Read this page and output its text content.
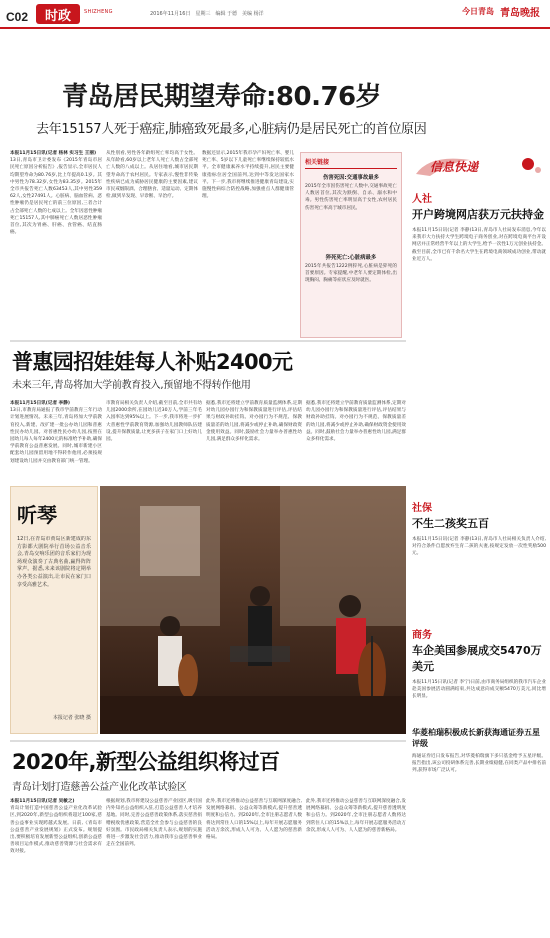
C02	时政	SHIZHENG	2016年11月16日　星期三　编辑 于德　美编 杨洋	今日青岛 青岛晚报
青岛居民期望寿命:80.76岁
去年15157人死于癌症,肺癌致死最多,心脏病仍是居民死亡的首位原因
本报11月15日讯(记者 杨林 实习生 王丽)
13日,青岛市卫计委发布《2015年青岛市居民死亡原因分析报告》,报告显示,全市居民人均期望寿命为80.76岁,比上年提高0.1岁。其中男性为78.32岁,女性为83.35岁。2015年全市共报告死亡人数63453人,其中男性35962人,女性27491人。心脏病、脑血管病、恶性肿瘤仍是居民死亡的前三位原因,三者合计占全部死亡人数的七成以上。全年因恶性肿瘤死亡15157人,其中肺癌死亡人数居恶性肿瘤首位,其次为胃癌、肝癌、食管癌、结直肠癌。
从性别看,男性各年龄组死亡率均高于女性。从年龄看,60岁以上老年人死亡人数占全部死亡人数的八成以上。从居住地看,城市居民期望寿命高于农村居民。专家表示,慢性非传染性疾病已成为威胁居民健康的主要因素,建议市民戒烟限酒、合理膳食、适量运动、定期体检,做到早发现、早诊断、早治疗。
数据还显示,2015年我市孕产妇死亡率、婴儿死亡率、5岁以下儿童死亡率继续保持较低水平。全市健康素养水平持续提升,居民主要健康指标位居全国前列,达到中等发达国家水平。下一步,我市将继续推进健康青岛建设,实施慢性病综合防控战略,加强重点人群健康管理。
相关链接
伤害死因:交通事故最多
2015年全市因伤害死亡人数中,交通事故死亡人数居首位,其次为跌倒、自杀、溺水和中毒。男性伤害死亡率明显高于女性,农村居民伤害死亡率高于城市居民。
猝死死亡:心脏病最多
2015年共报告1222例猝死,心脏病是猝死的首要原因。专家提醒,中老年人要定期体检,出现胸闷、胸痛等症状应及时就医。
信息快递
人社
开户跨境网店获万元扶持金
本报11月15日讯(记者 李静)13日,青岛市人社局发布消息,今年以来我市大力扶持大学生跨境电子商务创业,对在跨境电商平台开设网店并正常经营半年以上的大学生,给予一次性1万元创业扶持金。截至目前,全市已有千余名大学生在跨境电商领域成功创业,带动就业近万人。
社保
不生二孩奖五百
本报11月15日讯(记者 李静)13日,青岛市人社局相关负责人介绍,对符合条件自愿放弃生育二孩的夫妻,按规定发放一次性奖励500元。
商务
车企美国参展成交5470万美元
本报11月15日讯(记者 李宁)日前,由市商务局组织的我市汽车企业赴美国参展活动圆满结束,共达成意向成交额5470万美元,同比增长明显。
华菱柏瑞积极成长新获海通证券五星评级
海通证券近日发布报告,对华菱柏瑞旗下多只基金给予五星评级。报告指出,该公司投研体系完善,长期业绩稳健,在同类产品中排名前列,获得市场广泛认可。
普惠园招娃娃每人补贴2400元
未来三年,青岛将加大学前教育投入,预留地不得转作他用
本报11月15日讯(记者 李静)
13日,市教育局通报了我市学前教育三年行动计划进展情况。未来三年,青岛将加大学前教育投入,新建、改扩建一批公办幼儿园和普惠性民办幼儿园。对普惠性民办幼儿园,按照在园幼儿每人每年2400元的标准给予补助,确保学前教育公益普惠发展。同时,城市新建小区配套幼儿园预留用地不得转作他用,必须按规划建设幼儿园并交由教育部门统一管理。
市教育局相关负责人介绍,截至目前,全市共有幼儿园2000余所,在园幼儿近30万人,学前三年毛入园率达到95%以上。下一步,我市将进一步扩大普惠性学前教育资源,加强幼儿园教师队伍建设,提升保教质量,让更多孩子在家门口上好幼儿园。
据悉,我市还将建立学前教育质量监测体系,定期对幼儿园办园行为和保教质量进行评估,评估结果与财政补助挂钩。对办园行为不规范、保教质量差的幼儿园,将减少或停止补助,确保财政资金使用效益。同时,鼓励社会力量举办普惠性幼儿园,满足群众多样化需求。
据悉,我市还将建立学前教育质量监测体系,定期对幼儿园办园行为和保教质量进行评估,评估结果与财政补助挂钩。对办园行为不规范、保教质量差的幼儿园,将减少或停止补助,确保财政资金使用效益。同时,鼓励社会力量举办普惠性幼儿园,满足群众多样化需求。
听琴
12日,在青岛市黄岛区新建成的东方影都大剧院举行首场公益音乐会,青岛交响乐团的音乐家们为现场观众演奏了古典名曲,赢得阵阵掌声。据悉,未来该剧院将定期举办各类公益演出,让市民在家门口享受高雅艺术。
本报记者 张晓 摄
2020年,新型公益组织将过百
青岛计划打造慈善公益产业化改革试验区
本报11月15日讯(记者 吴敏之)
青岛计划打造中国慈善公益产业化改革试验区,到2020年,新型公益组织将超过100家,慈善公益事业实现跨越式发展。日前,《青岛市公益慈善产业发展规划》正式发布。规划提出,要积极培育发展新型公益组织,创新公益慈善项目运作模式,推动慈善资源与社会需求有效对接。
根据规划,我市将建设公益慈善产业园区,吸引国内外知名公益组织入驻,打造公益慈善人才培养基地。同时,完善公益慈善政策体系,落实慈善捐赠税收优惠政策,营造全社会参与公益慈善的良好氛围。市民政局相关负责人表示,规划的实施将进一步激发社会活力,推动我市公益慈善事业走在全国前列。
此外,我市还将推动公益慈善与互联网深度融合,发展网络募捐、公益众筹等新模式,提升慈善透明度和公信力。到2020年,全市注册志愿者人数将达到常住人口的15%以上,每年开展志愿服务活动万余次,形成人人可为、人人愿为的慈善新格局。
此外,我市还将推动公益慈善与互联网深度融合,发展网络募捐、公益众筹等新模式,提升慈善透明度和公信力。到2020年,全市注册志愿者人数将达到常住人口的15%以上,每年开展志愿服务活动万余次,形成人人可为、人人愿为的慈善新格局。
